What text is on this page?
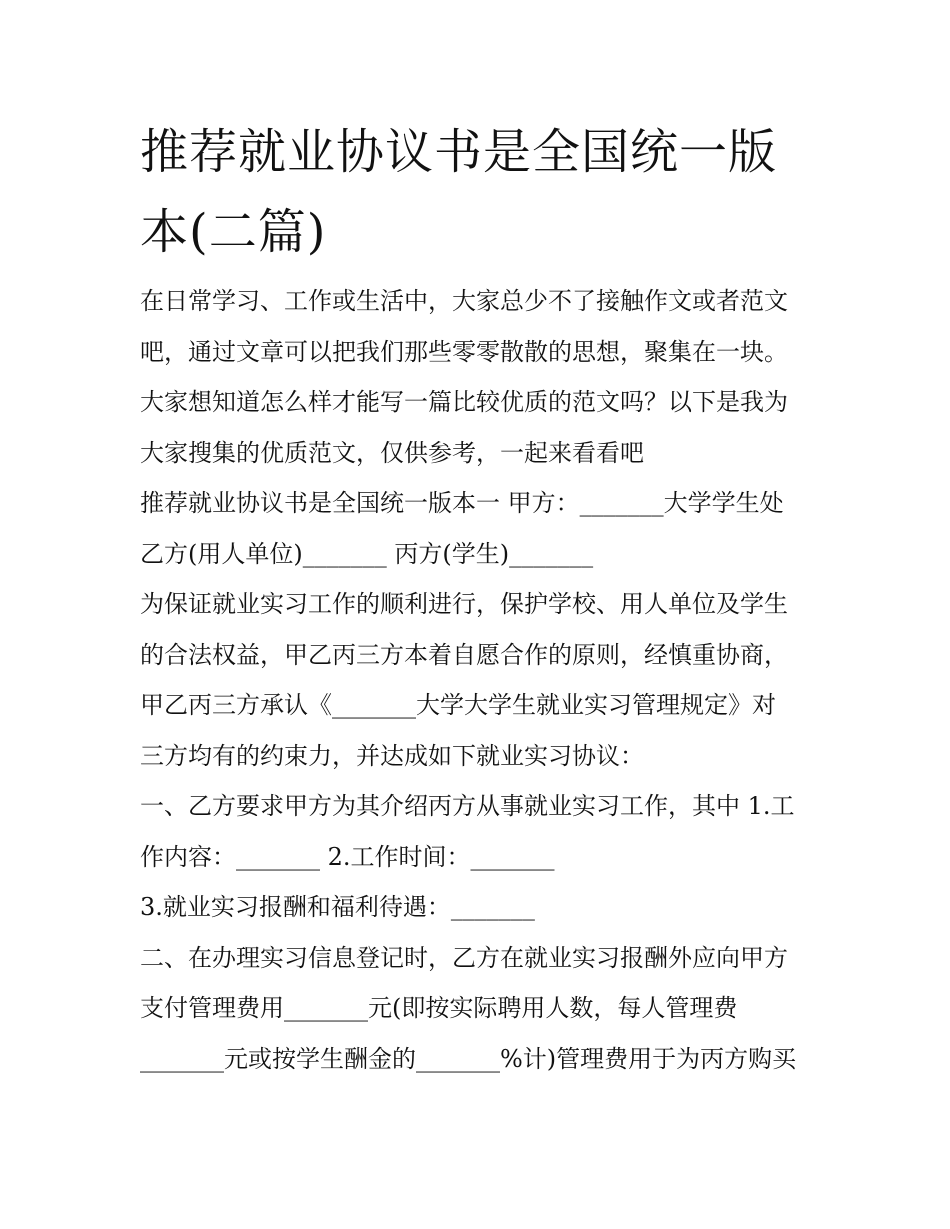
推荐就业协议书是全国统一版本(二篇)
在日常学习、工作或生活中，大家总少不了接触作文或者范文
吧，通过文章可以把我们那些零零散散的思想，聚集在一块。
大家想知道怎么样才能写一篇比较优质的范文吗？以下是我为
大家搜集的优质范文，仅供参考，一起来看看吧
推荐就业协议书是全国统一版本一 甲方：_______大学学生处
乙方(用人单位)_______ 丙方(学生)_______
为保证就业实习工作的顺利进行，保护学校、用人单位及学生
的合法权益，甲乙丙三方本着自愿合作的原则，经慎重协商，
甲乙丙三方承认《_______大学大学生就业实习管理规定》对
三方均有的约束力，并达成如下就业实习协议：
一、乙方要求甲方为其介绍丙方从事就业实习工作，其中 1.工
作内容：_______ 2.工作时间：_______
3.就业实习报酬和福利待遇：_______
二、在办理实习信息登记时，乙方在就业实习报酬外应向甲方
支付管理费用_______元(即按实际聘用人数，每人管理费
_______元或按学生酬金的_______%计)管理费用于为丙方购买
